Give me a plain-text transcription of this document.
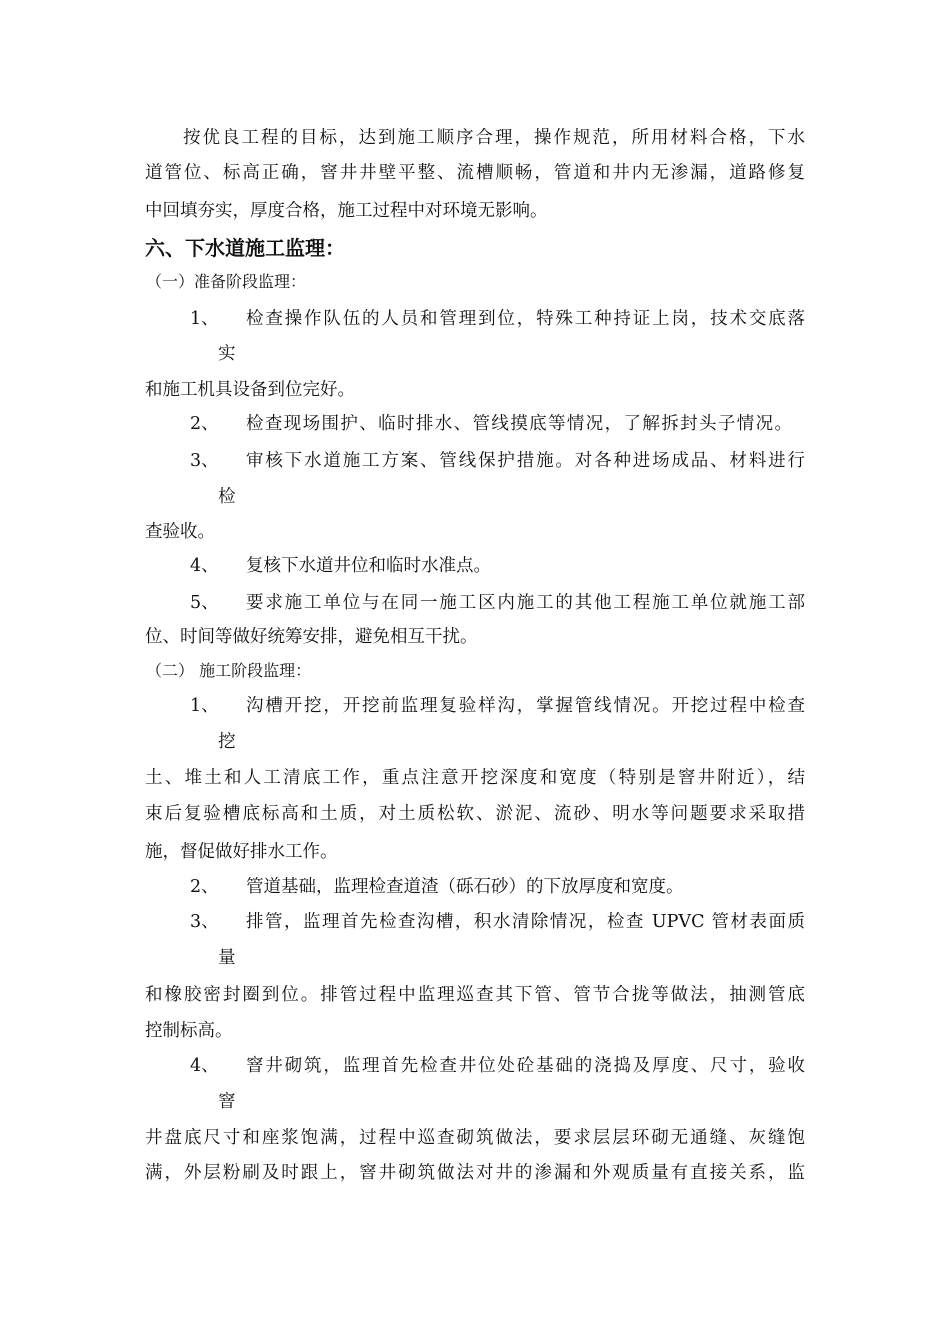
按优良工程的目标，达到施工顺序合理，操作规范，所用材料合格，下水
道管位、标高正确，窨井井壁平整、流槽顺畅，管道和井内无渗漏，道路修复
中回填夯实，厚度合格，施工过程中对环境无影响。
六、下水道施工监理：
（一）准备阶段监理：
1、 检查操作队伍的人员和管理到位，特殊工种持证上岗，技术交底落
实
和施工机具设备到位完好。
2、 检查现场围护、临时排水、管线摸底等情况，了解拆封头子情况。
3、 审核下水道施工方案、管线保护措施。对各种进场成品、材料进行
检
查验收。
4、 复核下水道井位和临时水准点。
5、 要求施工单位与在同一施工区内施工的其他工程施工单位就施工部
位、时间等做好统筹安排，避免相互干扰。
（二） 施工阶段监理：
1、 沟槽开挖，开挖前监理复验样沟，掌握管线情况。开挖过程中检查
挖
土、堆土和人工清底工作，重点注意开挖深度和宽度（特别是窨井附近），结
束后复验槽底标高和土质，对土质松软、淤泥、流砂、明水等问题要求采取措
施，督促做好排水工作。
2、 管道基础，监理检查道渣（砾石砂）的下放厚度和宽度。
3、 排管，监理首先检查沟槽，积水清除情况，检查 UPVC 管材表面质
量
和橡胶密封圈到位。排管过程中监理巡查其下管、管节合拢等做法，抽测管底
控制标高。
4、 窨井砌筑，监理首先检查井位处砼基础的浇捣及厚度、尺寸，验收
窨
井盘底尺寸和座浆饱满，过程中巡查砌筑做法，要求层层环砌无通缝、灰缝饱
满，外层粉刷及时跟上，窨井砌筑做法对井的渗漏和外观质量有直接关系，监
